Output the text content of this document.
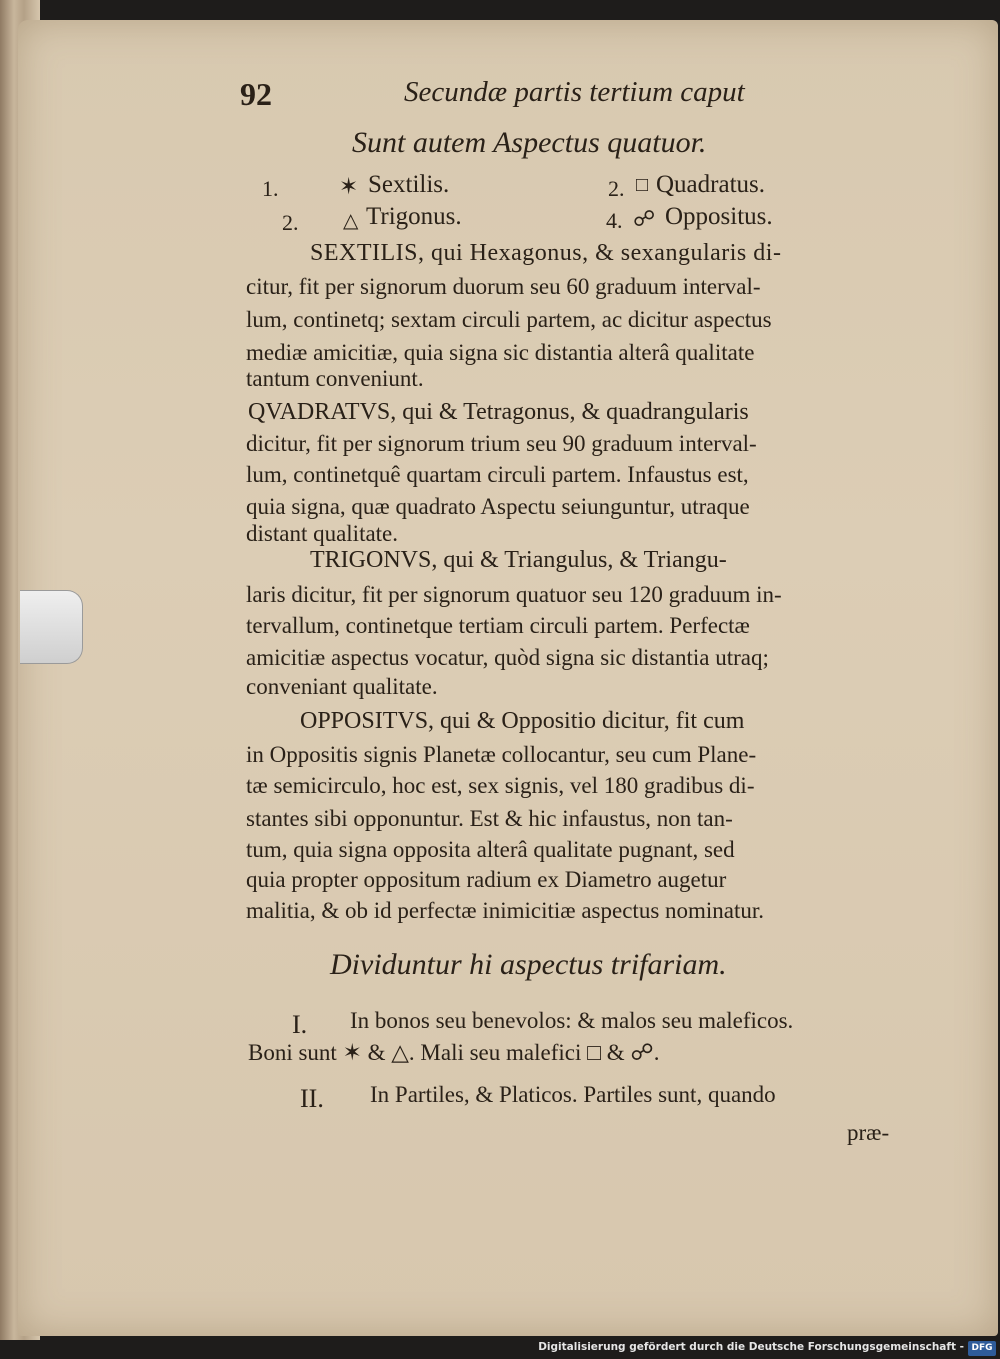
92	Secundæ partis tertium caput
Sunt autem Aspectus quatuor.
1.	✶ Sextilis.	2. □ Quadratus.
2. △ Trigonus.	4. ☍ Oppositus.
SEXTILIS, qui Hexagonus, & sexangularis di-
citur, fit per signorum duorum seu 60 graduum interval-
lum, continetq; sextam circuli partem, ac dicitur aspectus
mediæ amicitiæ, quia signa sic distantia alterâ qualitate
tantum conveniunt.
QVADRATVS, qui & Tetragonus, & quadrangularis
dicitur, fit per signorum trium seu 90 graduum interval-
lum, continetquê quartam circuli partem. Infaustus est,
quia signa, quæ quadrato Aspectu seiunguntur, utraque
distant qualitate.
TRIGONVS, qui & Triangulus, & Triangu-
laris dicitur, fit per signorum quatuor seu 120 graduum in-
tervallum, continetque tertiam circuli partem. Perfectæ
amicitiæ aspectus vocatur, quòd signa sic distantia utraq;
conveniant qualitate.
OPPOSITVS, qui & Oppositio dicitur, fit cum
in Oppositis signis Planetæ collocantur, seu cum Plane-
tæ semicirculo, hoc est, sex signis, vel 180 gradibus di-
stantes sibi opponuntur. Est & hic infaustus, non tan-
tum, quia signa opposita alterâ qualitate pugnant, sed
quia propter oppositum radium ex Diametro augetur
malitia, & ob id perfectæ inimicitiæ aspectus nominatur.
Dividuntur hi aspectus trifariam.
I. In bonos seu benevolos: & malos seu maleficos.
Boni sunt ✶ & △. Mali seu malefici □ & ☍.
II. In Partiles, & Platicos. Partiles sunt, quando
præ-
Digitalisierung gefördert durch die Deutsche Forschungsgemeinschaft - DFG
